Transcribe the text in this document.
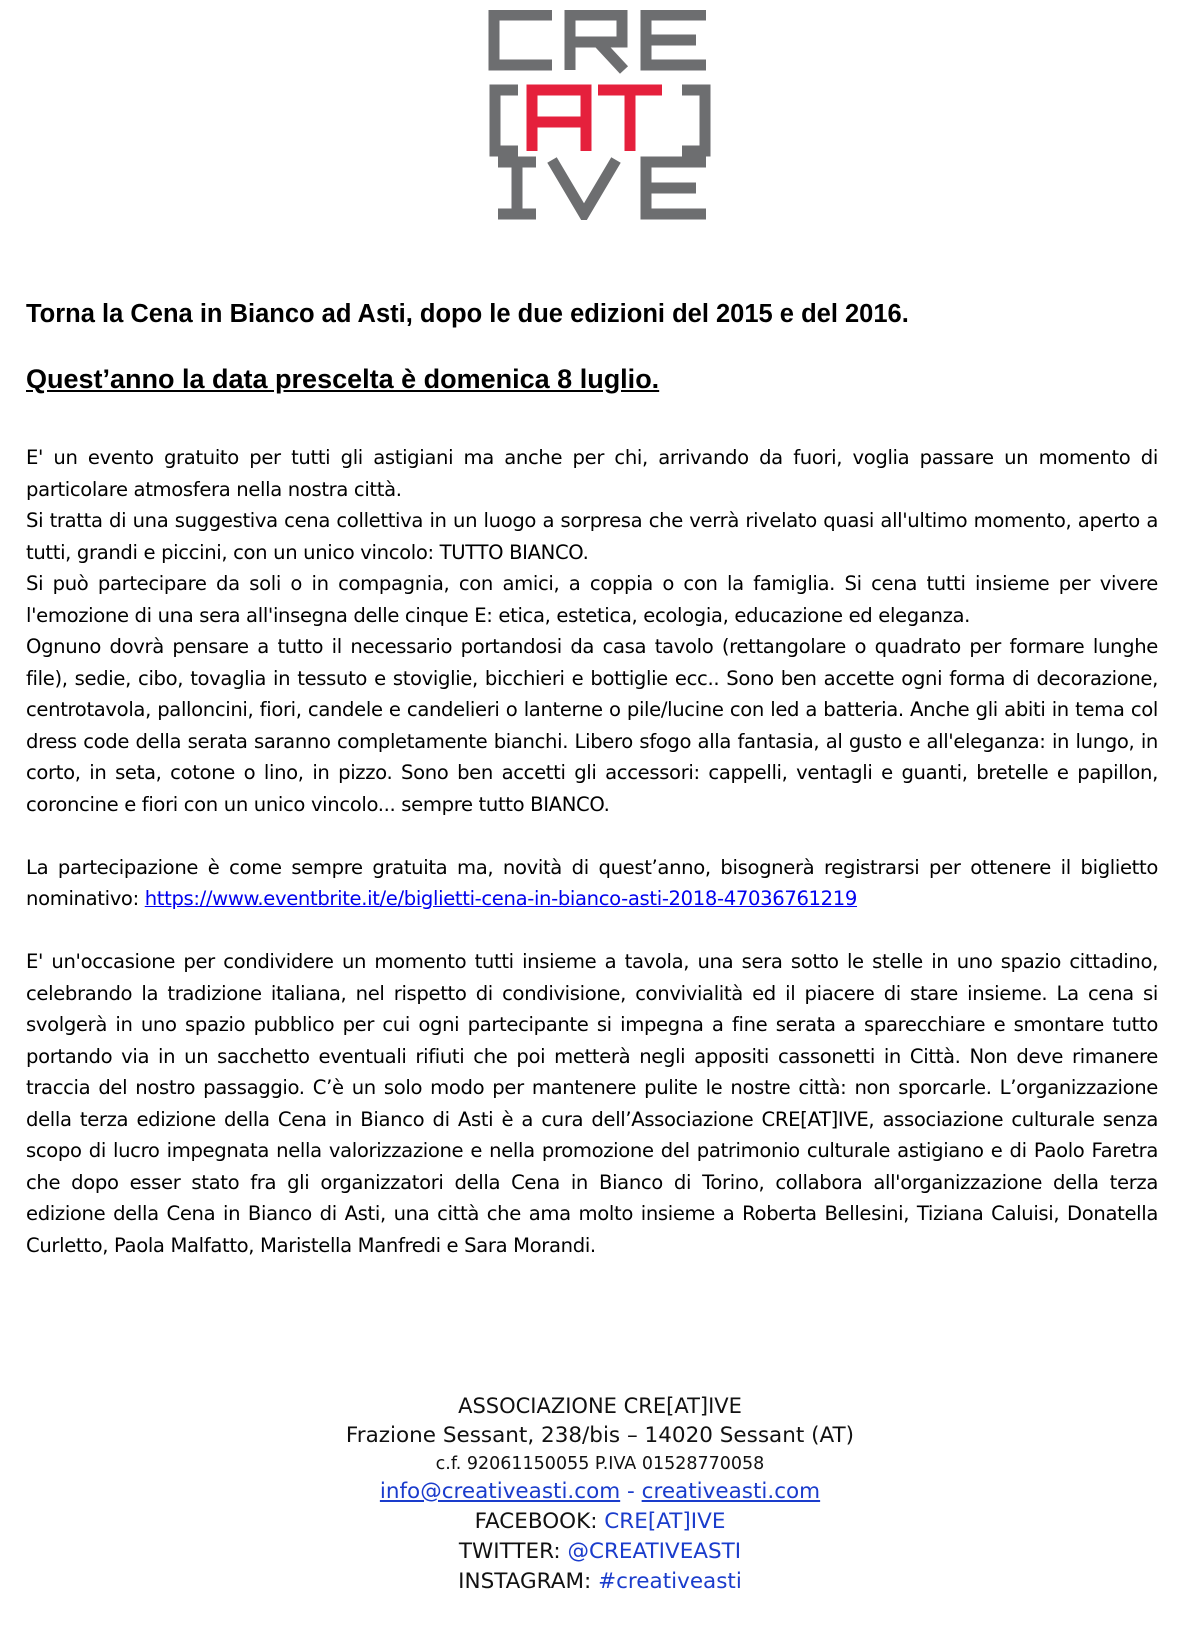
Torna la Cena in Bianco ad Asti, dopo le due edizioni del 2015 e del 2016.

Quest’anno la data prescelta è domenica 8 luglio.

E' un evento gratuito per tutti gli astigiani ma anche per chi, arrivando da fuori, voglia passare un momento di particolare atmosfera nella nostra città.

Si tratta di una suggestiva cena collettiva in un luogo a sorpresa che verrà rivelato quasi all'ultimo momento, aperto a tutti, grandi e piccini, con un unico vincolo: TUTTO BIANCO.

Si può partecipare da soli o in compagnia, con amici, a coppia o con la famiglia. Si cena tutti insieme per vivere l'emozione di una sera all'insegna delle cinque E: etica, estetica, ecologia, educazione ed eleganza.

Ognuno dovrà pensare a tutto il necessario portandosi da casa tavolo (rettangolare o quadrato per formare lunghe file), sedie, cibo, tovaglia in tessuto e stoviglie, bicchieri e bottiglie ecc.. Sono ben accette ogni forma di decorazione, centrotavola, palloncini, fiori, candele e candelieri o lanterne o pile/lucine con led a batteria. Anche gli abiti in tema col dress code della serata saranno completamente bianchi. Libero sfogo alla fantasia, al gusto e all'eleganza: in lungo, in corto, in seta, cotone o lino, in pizzo. Sono ben accetti gli accessori: cappelli, ventagli e guanti, bretelle e papillon, coroncine e fiori con un unico vincolo... sempre tutto BIANCO.

La partecipazione è come sempre gratuita ma, novità di quest’anno, bisognerà registrarsi per ottenere il biglietto nominativo: https://www.eventbrite.it/e/biglietti-cena-in-bianco-asti-2018-47036761219

E' un'occasione per condividere un momento tutti insieme a tavola, una sera sotto le stelle in uno spazio cittadino, celebrando la tradizione italiana, nel rispetto di condivisione, convivialità ed il piacere di stare insieme. La cena si svolgerà in uno spazio pubblico per cui ogni partecipante si impegna a fine serata a sparecchiare e smontare tutto portando via in un sacchetto eventuali rifiuti che poi metterà negli appositi cassonetti in Città. Non deve rimanere traccia del nostro passaggio. C’è un solo modo per mantenere pulite le nostre città: non sporcarle. L’organizzazione della terza edizione della Cena in Bianco di Asti è a cura dell’Associazione CRE[AT]IVE, associazione culturale senza scopo di lucro impegnata nella valorizzazione e nella promozione del patrimonio culturale astigiano e di Paolo Faretra che dopo esser stato fra gli organizzatori della Cena in Bianco di Torino, collabora all'organizzazione della terza edizione della Cena in Bianco di Asti, una città che ama molto insieme a Roberta Bellesini, Tiziana Caluisi, Donatella Curletto, Paola Malfatto, Maristella Manfredi e Sara Morandi.

ASSOCIAZIONE CRE[AT]IVE
Frazione Sessant, 238/bis – 14020 Sessant (AT)
c.f. 92061150055 P.IVA 01528770058
info@creativeasti.com - creativeasti.com
FACEBOOK: CRE[AT]IVE
TWITTER: @CREATIVEASTI
INSTAGRAM: #creativeasti
